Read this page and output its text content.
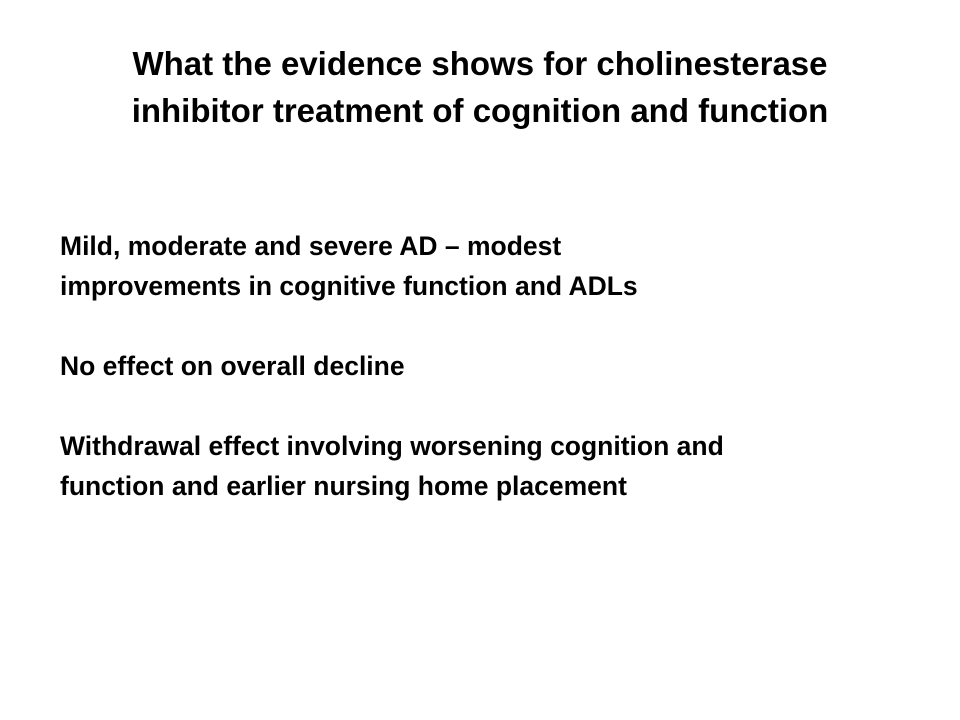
What the evidence shows for cholinesterase
inhibitor treatment of cognition and function
Mild, moderate and severe AD – modest
improvements in cognitive function and ADLs
No effect on overall decline
Withdrawal effect involving worsening cognition and
function and earlier nursing home placement
